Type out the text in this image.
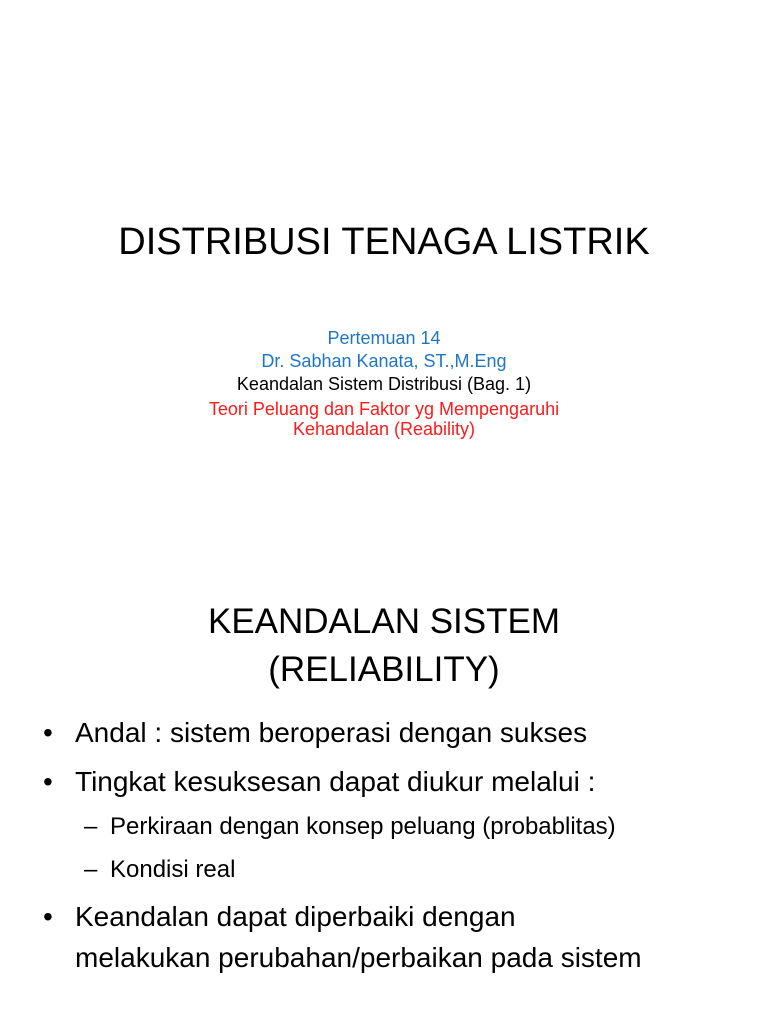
DISTRIBUSI TENAGA LISTRIK
Pertemuan 14
Dr. Sabhan Kanata, ST.,M.Eng
Keandalan Sistem Distribusi (Bag. 1)
Teori Peluang dan Faktor yg Mempengaruhi
Kehandalan (Reability)
KEANDALAN SISTEM
(RELIABILITY)
• Andal : sistem beroperasi dengan sukses
• Tingkat kesuksesan dapat diukur melalui :
– Perkiraan dengan konsep peluang (probablitas)
– Kondisi real
• Keandalan dapat diperbaiki dengan
melakukan perubahan/perbaikan pada sistem
